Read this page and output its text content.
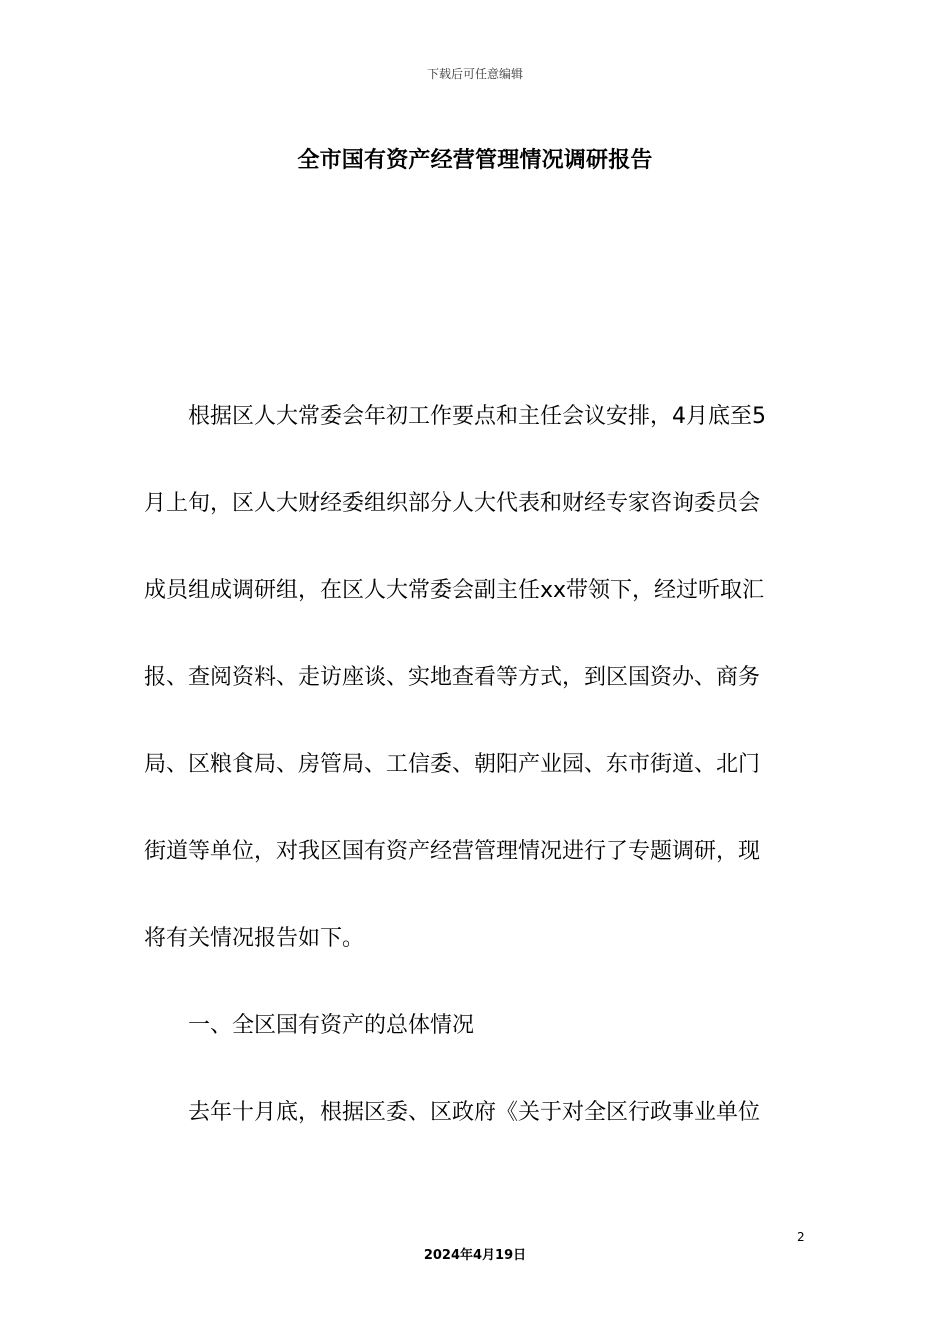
下载后可任意编辑
全市国有资产经营管理情况调研报告
　　根据区人大常委会年初工作要点和主任会议安排，4月底至5
月上旬，区人大财经委组织部分人大代表和财经专家咨询委员会
成员组成调研组，在区人大常委会副主任xx带领下，经过听取汇
报、查阅资料、走访座谈、实地查看等方式，到区国资办、商务
局、区粮食局、房管局、工信委、朝阳产业园、东市街道、北门
街道等单位，对我区国有资产经营管理情况进行了专题调研，现
将有关情况报告如下。
　　一、全区国有资产的总体情况
　　去年十月底，根据区委、区政府《关于对全区行政事业单位
2
2024年4月19日
